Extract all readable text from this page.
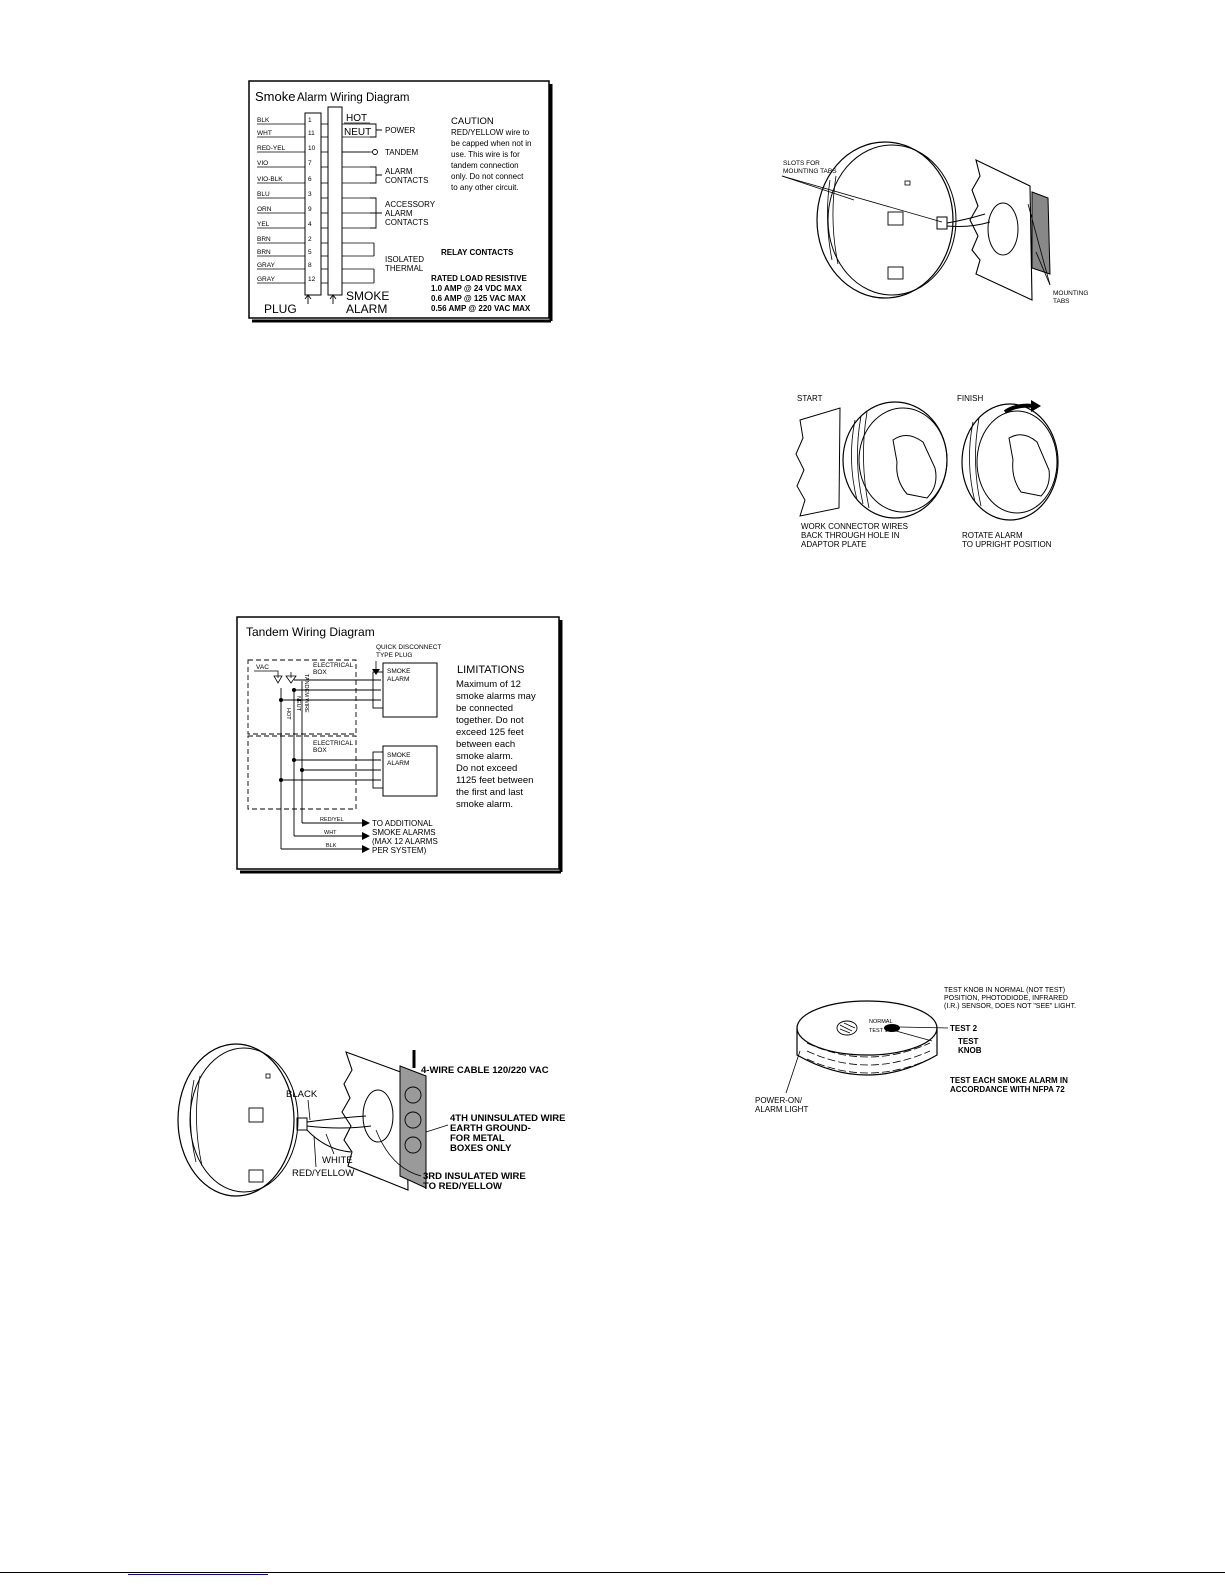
Smoke Alarm Wiring Diagram
BLK	1
WHT	11
RED-YEL	10
VIO	7
VIO-BLK	6
BLU	3
ORN	9
YEL	4
BRN	2
BRN	5
GRAY	8
GRAY	12
HOT
NEUT POWER
TANDEM
ALARM
CONTACTS
ACCESSORY
ALARM
CONTACTS
ISOLATED
THERMAL
CAUTION
RED/YELLOW wire to
be capped when not in
use. This wire is for
tandem connection
only. Do not connect
to any other circuit.
RELAY CONTACTS
RATED LOAD RESISTIVE
1.0 AMP @ 24 VDC MAX
0.6 AMP @ 125 VAC MAX
0.56 AMP @ 220 VAC MAX
PLUG
SMOKE
ALARM
SLOTS FOR
MOUNTING TABS
MOUNTING
TABS
START	FINISH
WORK CONNECTOR WIRES
BACK THROUGH HOLE IN
ADAPTOR PLATE
ROTATE ALARM
TO UPRIGHT POSITION
Tandem Wiring Diagram
QUICK DISCONNECT
TYPE PLUG
ELECTRICAL
BOX
ELECTRICAL
BOX
VAC
SMOKE
ALARM
SMOKE
ALARM
HOT
NEUT TANDEM WIRE
LIMITATIONS
Maximum of 12
smoke alarms may
be connected
together. Do not
exceed 125 feet
between each
smoke alarm.
Do not exceed
1125 feet between
the first and last
smoke alarm.
RED/YEL
WHT
BLK
TO ADDITIONAL
SMOKE ALARMS
(MAX 12 ALARMS
PER SYSTEM)
4-WIRE CABLE 120/220 VAC
BLACK
WHITE
RED/YELLOW
4TH UNINSULATED WIRE
EARTH GROUND-
FOR METAL
BOXES ONLY
3RD INSULATED WIRE
TO RED/YELLOW
TEST KNOB IN NORMAL (NOT TEST)
POSITION, PHOTODIODE, INFRARED
(I.R.) SENSOR, DOES NOT "SEE" LIGHT.
NORMAL
TEST 1	TEST 2
TEST
KNOB
POWER-ON/
ALARM LIGHT
TEST EACH SMOKE ALARM IN
ACCORDANCE WITH NFPA 72
